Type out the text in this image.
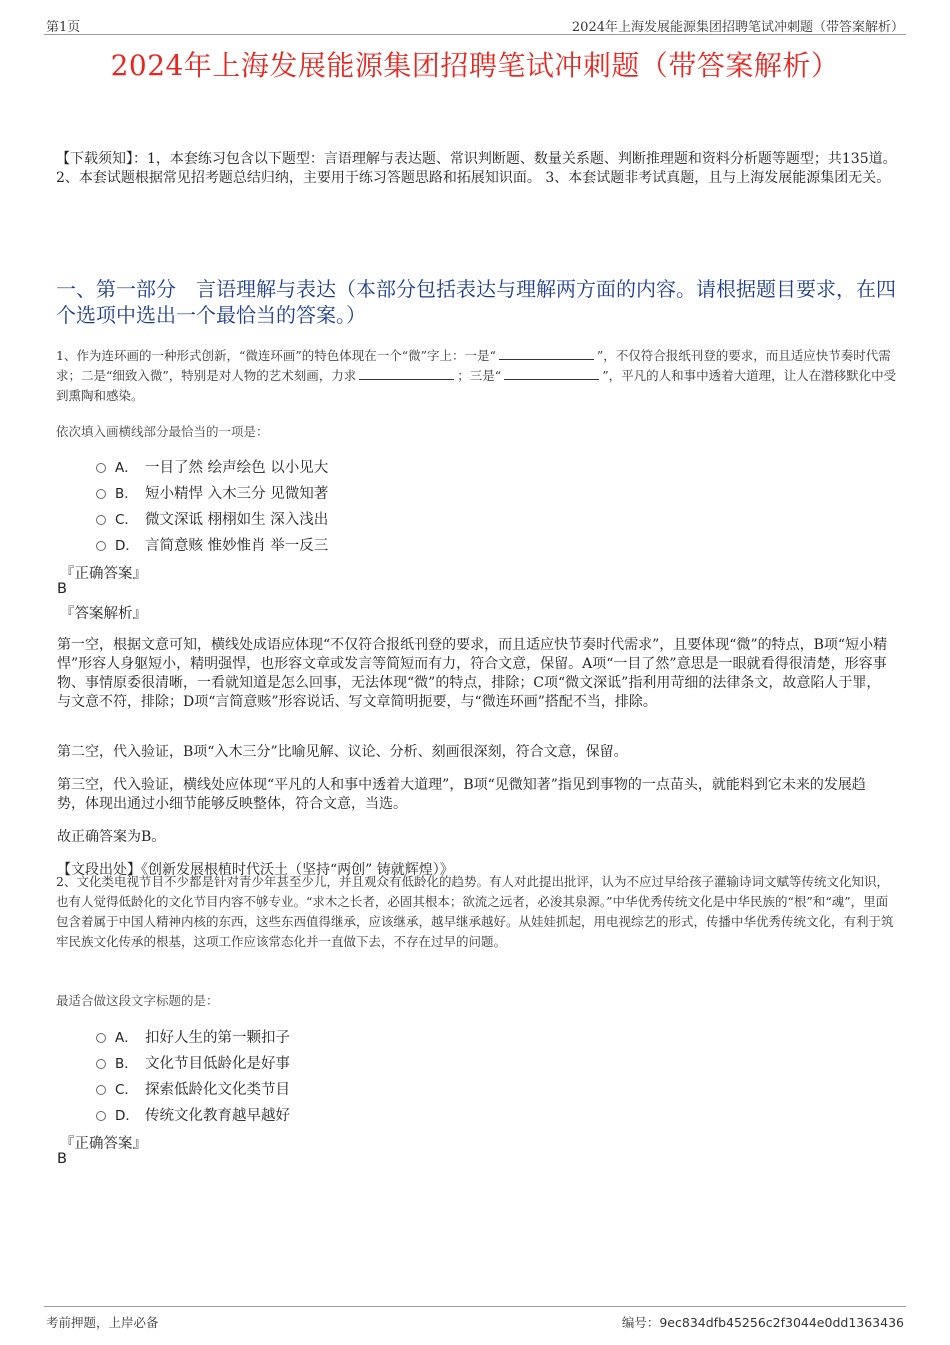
第1页	2024年上海发展能源集团招聘笔试冲刺题（带答案解析）
2024年上海发展能源集团招聘笔试冲刺题（带答案解析）
【下载须知】：1，本套练习包含以下题型：言语理解与表达题、常识判断题、数量关系题、判断推理题和资料分析题等题型；共135道。 2、本套试题根据常见招考题总结归纳，主要用于练习答题思路和拓展知识面。 3、本套试题非考试真题，且与上海发展能源集团无关。
一、第一部分　言语理解与表达（本部分包括表达与理解两方面的内容。请根据题目要求，在四个选项中选出一个最恰当的答案。）
1、作为连环画的一种形式创新，“微连环画”的特色体现在一个“微”字上：一是“	”，不仅符合报纸刊登的要求，而且适应快节奏时代需求；二是“细致入微”，特别是对人物的艺术刻画，力求	；三是“	”，平凡的人和事中透着大道理，让人在潜移默化中受到熏陶和感染。
依次填入画横线部分最恰当的一项是：
A． 一目了然 绘声绘色 以小见大
B． 短小精悍 入木三分 见微知著
C． 微文深诋 栩栩如生 深入浅出
D． 言简意赅 惟妙惟肖 举一反三
『正确答案』
B
『答案解析』
第一空，根据文意可知，横线处成语应体现“不仅符合报纸刊登的要求，而且适应快节奏时代需求”，且要体现“微”的特点，B项“短小精悍”形容人身躯短小，精明强悍，也形容文章或发言等简短而有力，符合文意，保留。A项“一目了然”意思是一眼就看得很清楚，形容事物、事情原委很清晰，一看就知道是怎么回事，无法体现“微”的特点，排除；C项“微文深诋”指利用苛细的法律条文，故意陷人于罪，与文意不符，排除；D项“言简意赅”形容说话、写文章简明扼要，与“微连环画”搭配不当，排除。
第二空，代入验证，B项“入木三分”比喻见解、议论、分析、刻画很深刻，符合文意，保留。
第三空，代入验证，横线处应体现“平凡的人和事中透着大道理”，B项“见微知著”指见到事物的一点苗头，就能料到它未来的发展趋势，体现出通过小细节能够反映整体，符合文意，当选。
故正确答案为B。
【文段出处】《创新发展根植时代沃土（坚持“两创” 铸就辉煌）》
2、文化类电视节目不少都是针对青少年甚至少儿，并且观众有低龄化的趋势。有人对此提出批评，认为不应过早给孩子灌输诗词文赋等传统文化知识，也有人觉得低龄化的文化节目内容不够专业。“求木之长者，必固其根本；欲流之远者，必浚其泉源。”中华优秀传统文化是中华民族的“根”和“魂”，里面包含着属于中国人精神内核的东西，这些东西值得继承，应该继承，越早继承越好。从娃娃抓起，用电视综艺的形式，传播中华优秀传统文化，有利于筑牢民族文化传承的根基，这项工作应该常态化并一直做下去，不存在过早的问题。
最适合做这段文字标题的是：
A． 扣好人生的第一颗扣子
B． 文化节目低龄化是好事
C． 探索低龄化文化类节目
D． 传统文化教育越早越好
『正确答案』
B
考前押题，上岸必备	编号：9ec834dfb45256c2f3044e0dd1363436
